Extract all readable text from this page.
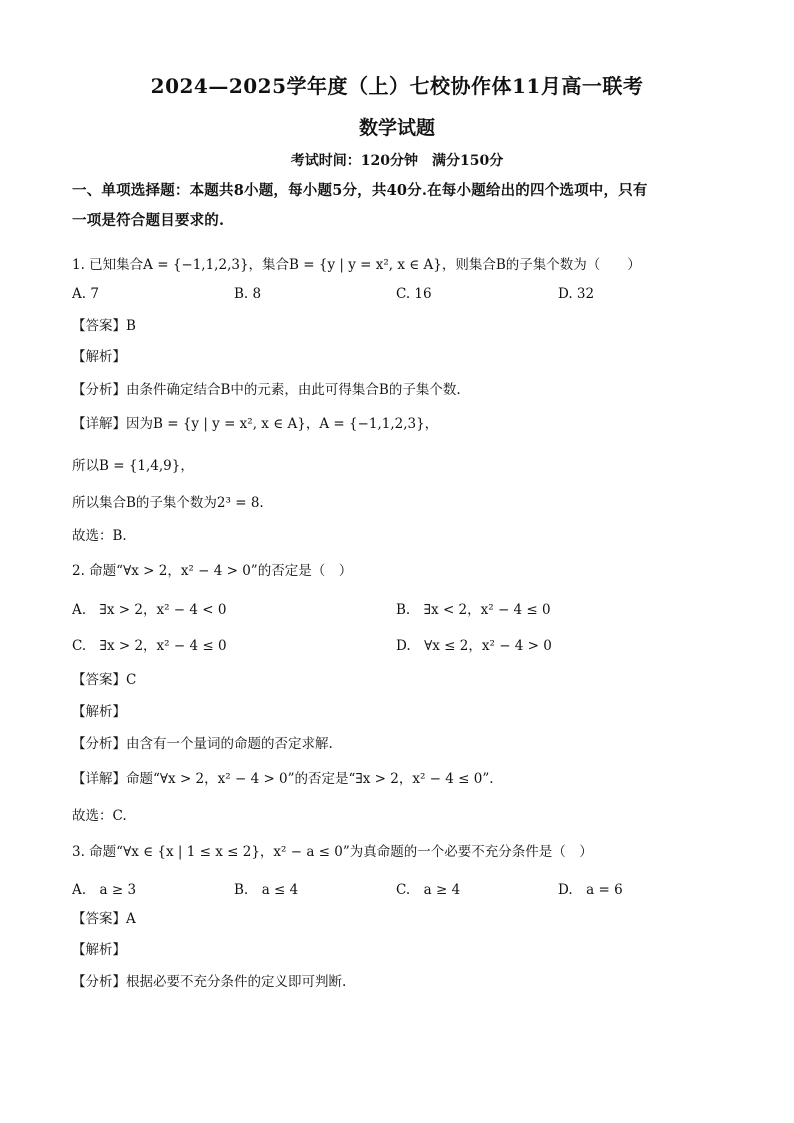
2024—2025学年度（上）七校协作体11月高一联考
数学试题
考试时间：120分钟　满分150分
一、单项选择题：本题共8小题，每小题5分，共40分.在每小题给出的四个选项中，只有
一项是符合题目要求的.
1. 已知集合A = {−1,1,2,3}，集合B = {y | y = x², x ∈ A}，则集合B的子集个数为（　　）
A. 7	B. 8	C. 16	D. 32
【答案】B
【解析】
【分析】由条件确定结合B中的元素，由此可得集合B的子集个数.
【详解】因为B = {y | y = x², x ∈ A}，A = {−1,1,2,3}，
所以B = {1,4,9}，
所以集合B的子集个数为2³ = 8.
故选：B.
2. 命题“∀x > 2，x² − 4 > 0”的否定是（　）
A.　∃x > 2，x² − 4 < 0	B.　∃x < 2，x² − 4 ≤ 0
C.　∃x > 2，x² − 4 ≤ 0	D.　∀x ≤ 2，x² − 4 > 0
【答案】C
【解析】
【分析】由含有一个量词的命题的否定求解.
【详解】命题“∀x > 2，x² − 4 > 0”的否定是“∃x > 2，x² − 4 ≤ 0”.
故选：C.
3. 命题“∀x ∈ {x | 1 ≤ x ≤ 2}，x² − a ≤ 0”为真命题的一个必要不充分条件是（　）
A.　a ≥ 3	B.　a ≤ 4	C.　a ≥ 4	D.　a = 6
【答案】A
【解析】
【分析】根据必要不充分条件的定义即可判断.
